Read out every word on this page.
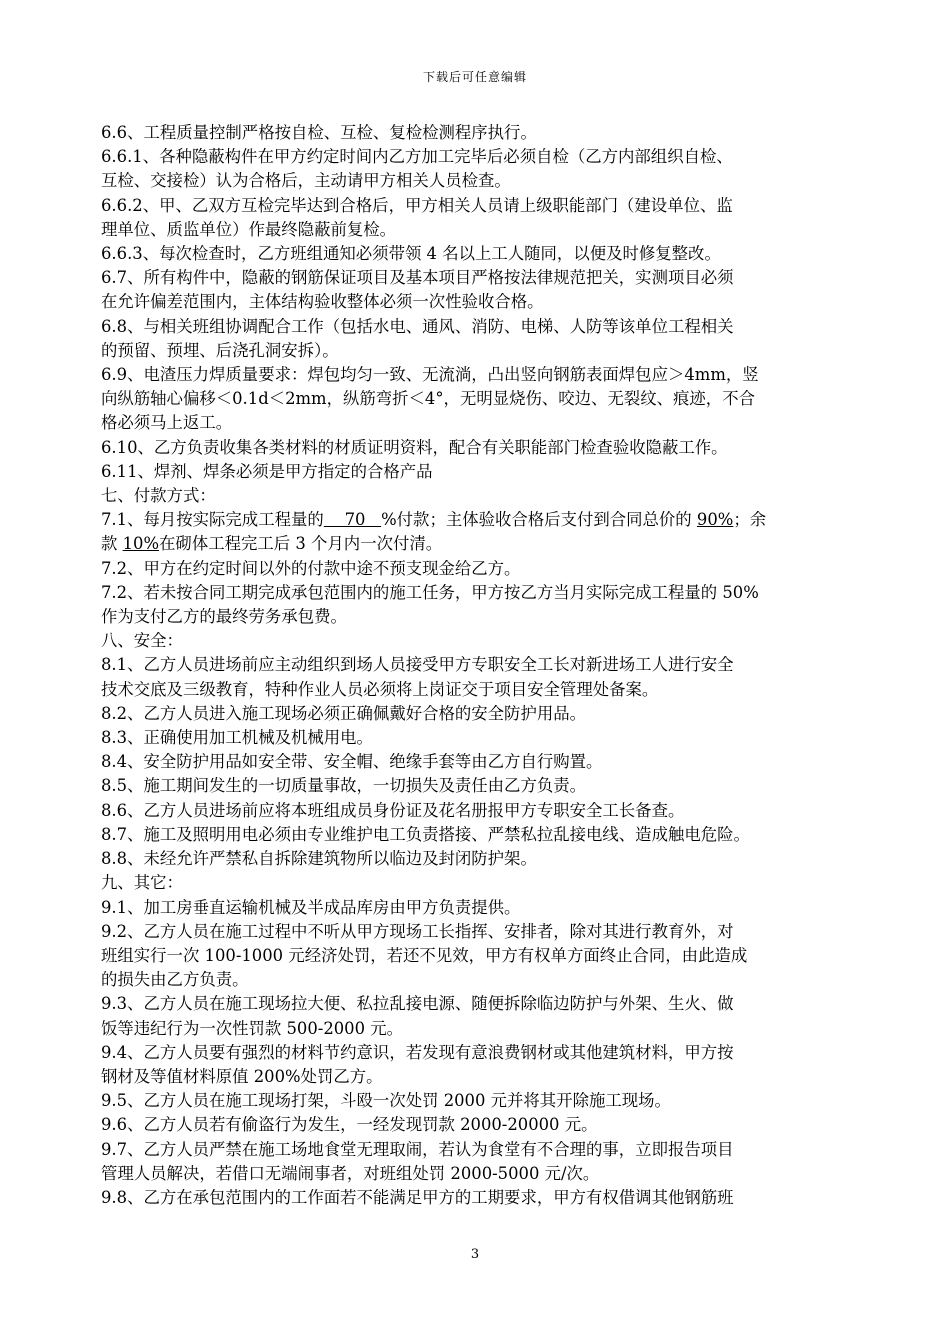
下载后可任意编辑
6.6、工程质量控制严格按自检、互检、复检检测程序执行。
6.6.1、各种隐蔽构件在甲方约定时间内乙方加工完毕后必须自检（乙方内部组织自检、
互检、交接检）认为合格后，主动请甲方相关人员检查。
6.6.2、甲、乙双方互检完毕达到合格后，甲方相关人员请上级职能部门（建设单位、监
理单位、质监单位）作最终隐蔽前复检。
6.6.3、每次检查时，乙方班组通知必须带领 4 名以上工人随同，以便及时修复整改。
6.7、所有构件中，隐蔽的钢筋保证项目及基本项目严格按法律规范把关，实测项目必须
在允许偏差范围内，主体结构验收整体必须一次性验收合格。
6.8、与相关班组协调配合工作（包括水电、通风、消防、电梯、人防等该单位工程相关
的预留、预埋、后浇孔洞安拆）。
6.9、电渣压力焊质量要求：焊包均匀一致、无流淌，凸出竖向钢筋表面焊包应＞4mm，竖
向纵筋轴心偏移＜0.1d＜2mm，纵筋弯折＜4°，无明显烧伤、咬边、无裂纹、痕迹，不合
格必须马上返工。
6.10、乙方负责收集各类材料的材质证明资料，配合有关职能部门检查验收隐蔽工作。
6.11、焊剂、焊条必须是甲方指定的合格产品
七、付款方式：
7.1、每月按实际完成工程量的    70   %付款；主体验收合格后支付到合同总价的 90%；余
款 10%在砌体工程完工后 3 个月内一次付清。
7.2、甲方在约定时间以外的付款中途不预支现金给乙方。
7.2、若未按合同工期完成承包范围内的施工任务，甲方按乙方当月实际完成工程量的 50%
作为支付乙方的最终劳务承包费。
八、安全：
8.1、乙方人员进场前应主动组织到场人员接受甲方专职安全工长对新进场工人进行安全
技术交底及三级教育，特种作业人员必须将上岗证交于项目安全管理处备案。
8.2、乙方人员进入施工现场必须正确佩戴好合格的安全防护用品。
8.3、正确使用加工机械及机械用电。
8.4、安全防护用品如安全带、安全帽、绝缘手套等由乙方自行购置。
8.5、施工期间发生的一切质量事故，一切损失及责任由乙方负责。
8.6、乙方人员进场前应将本班组成员身份证及花名册报甲方专职安全工长备查。
8.7、施工及照明用电必须由专业维护电工负责搭接、严禁私拉乱接电线、造成触电危险。
8.8、未经允许严禁私自拆除建筑物所以临边及封闭防护架。
九、其它：
9.1、加工房垂直运输机械及半成品库房由甲方负责提供。
9.2、乙方人员在施工过程中不听从甲方现场工长指挥、安排者，除对其进行教育外，对
班组实行一次 100-1000 元经济处罚，若还不见效，甲方有权单方面终止合同，由此造成
的损失由乙方负责。
9.3、乙方人员在施工现场拉大便、私拉乱接电源、随便拆除临边防护与外架、生火、做
饭等违纪行为一次性罚款 500-2000 元。
9.4、乙方人员要有强烈的材料节约意识，若发现有意浪费钢材或其他建筑材料，甲方按
钢材及等值材料原值 200%处罚乙方。
9.5、乙方人员在施工现场打架，斗殴一次处罚 2000 元并将其开除施工现场。
9.6、乙方人员若有偷盗行为发生，一经发现罚款 2000-20000 元。
9.7、乙方人员严禁在施工场地食堂无理取闹，若认为食堂有不合理的事，立即报告项目
管理人员解决，若借口无端闹事者，对班组处罚 2000-5000 元/次。
9.8、乙方在承包范围内的工作面若不能满足甲方的工期要求，甲方有权借调其他钢筋班
3
